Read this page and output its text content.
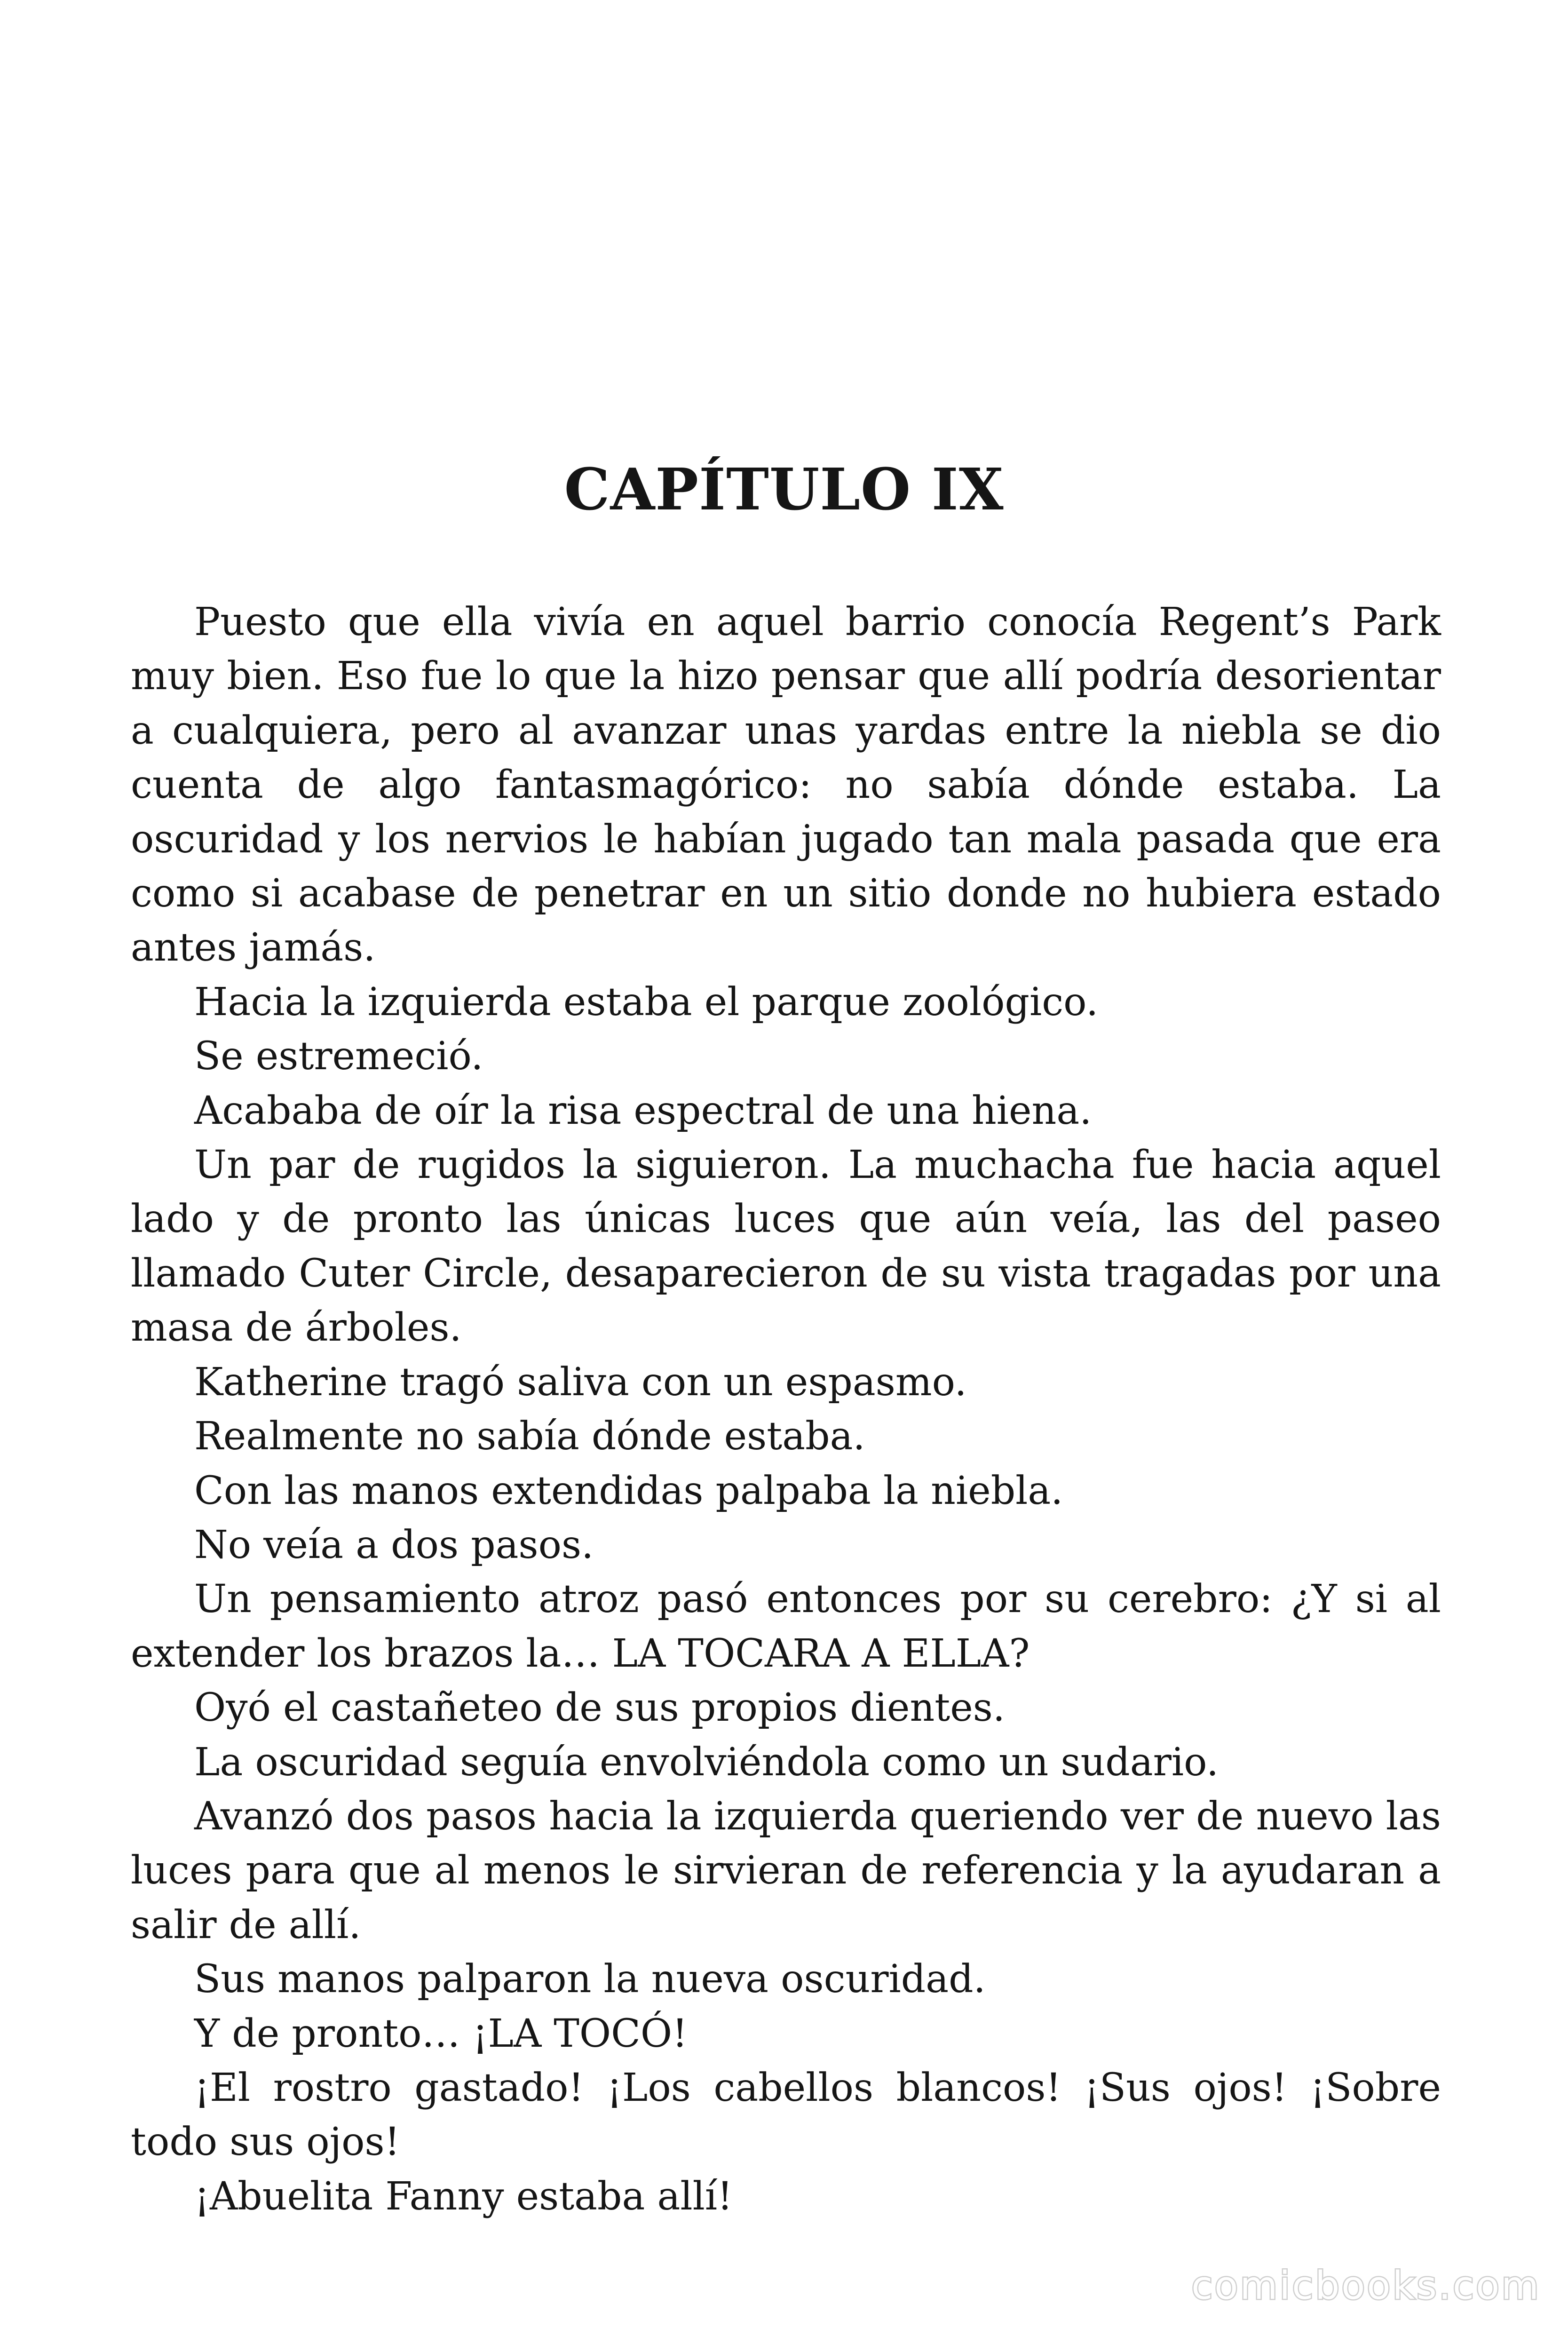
CAPÍTULO IX

Puesto que ella vivía en aquel barrio conocía Regent’s Park muy bien. Eso fue lo que la hizo pensar que allí podría desorientar a cualquiera, pero al avanzar unas yardas entre la niebla se dio cuenta de algo fantasmagórico: no sabía dónde estaba. La oscuridad y los nervios le habían jugado tan mala pasada que era como si acabase de penetrar en un sitio donde no hubiera estado antes jamás.

Hacia la izquierda estaba el parque zoológico.

Se estremeció.

Acababa de oír la risa espectral de una hiena.

Un par de rugidos la siguieron. La muchacha fue hacia aquel lado y de pronto las únicas luces que aún veía, las del paseo llamado Cuter Circle, desaparecieron de su vista tragadas por una masa de árboles.

Katherine tragó saliva con un espasmo.

Realmente no sabía dónde estaba.

Con las manos extendidas palpaba la niebla.

No veía a dos pasos.

Un pensamiento atroz pasó entonces por su cerebro: ¿Y si al extender los brazos la… LA TOCARA A ELLA?

Oyó el castañeteo de sus propios dientes.

La oscuridad seguía envolviéndola como un sudario.

Avanzó dos pasos hacia la izquierda queriendo ver de nuevo las luces para que al menos le sirvieran de referencia y la ayudaran a salir de allí.

Sus manos palparon la nueva oscuridad.

Y de pronto… ¡LA TOCÓ!

¡El rostro gastado! ¡Los cabellos blancos! ¡Sus ojos! ¡Sobre todo sus ojos!

¡Abuelita Fanny estaba allí!

comicbooks.com
